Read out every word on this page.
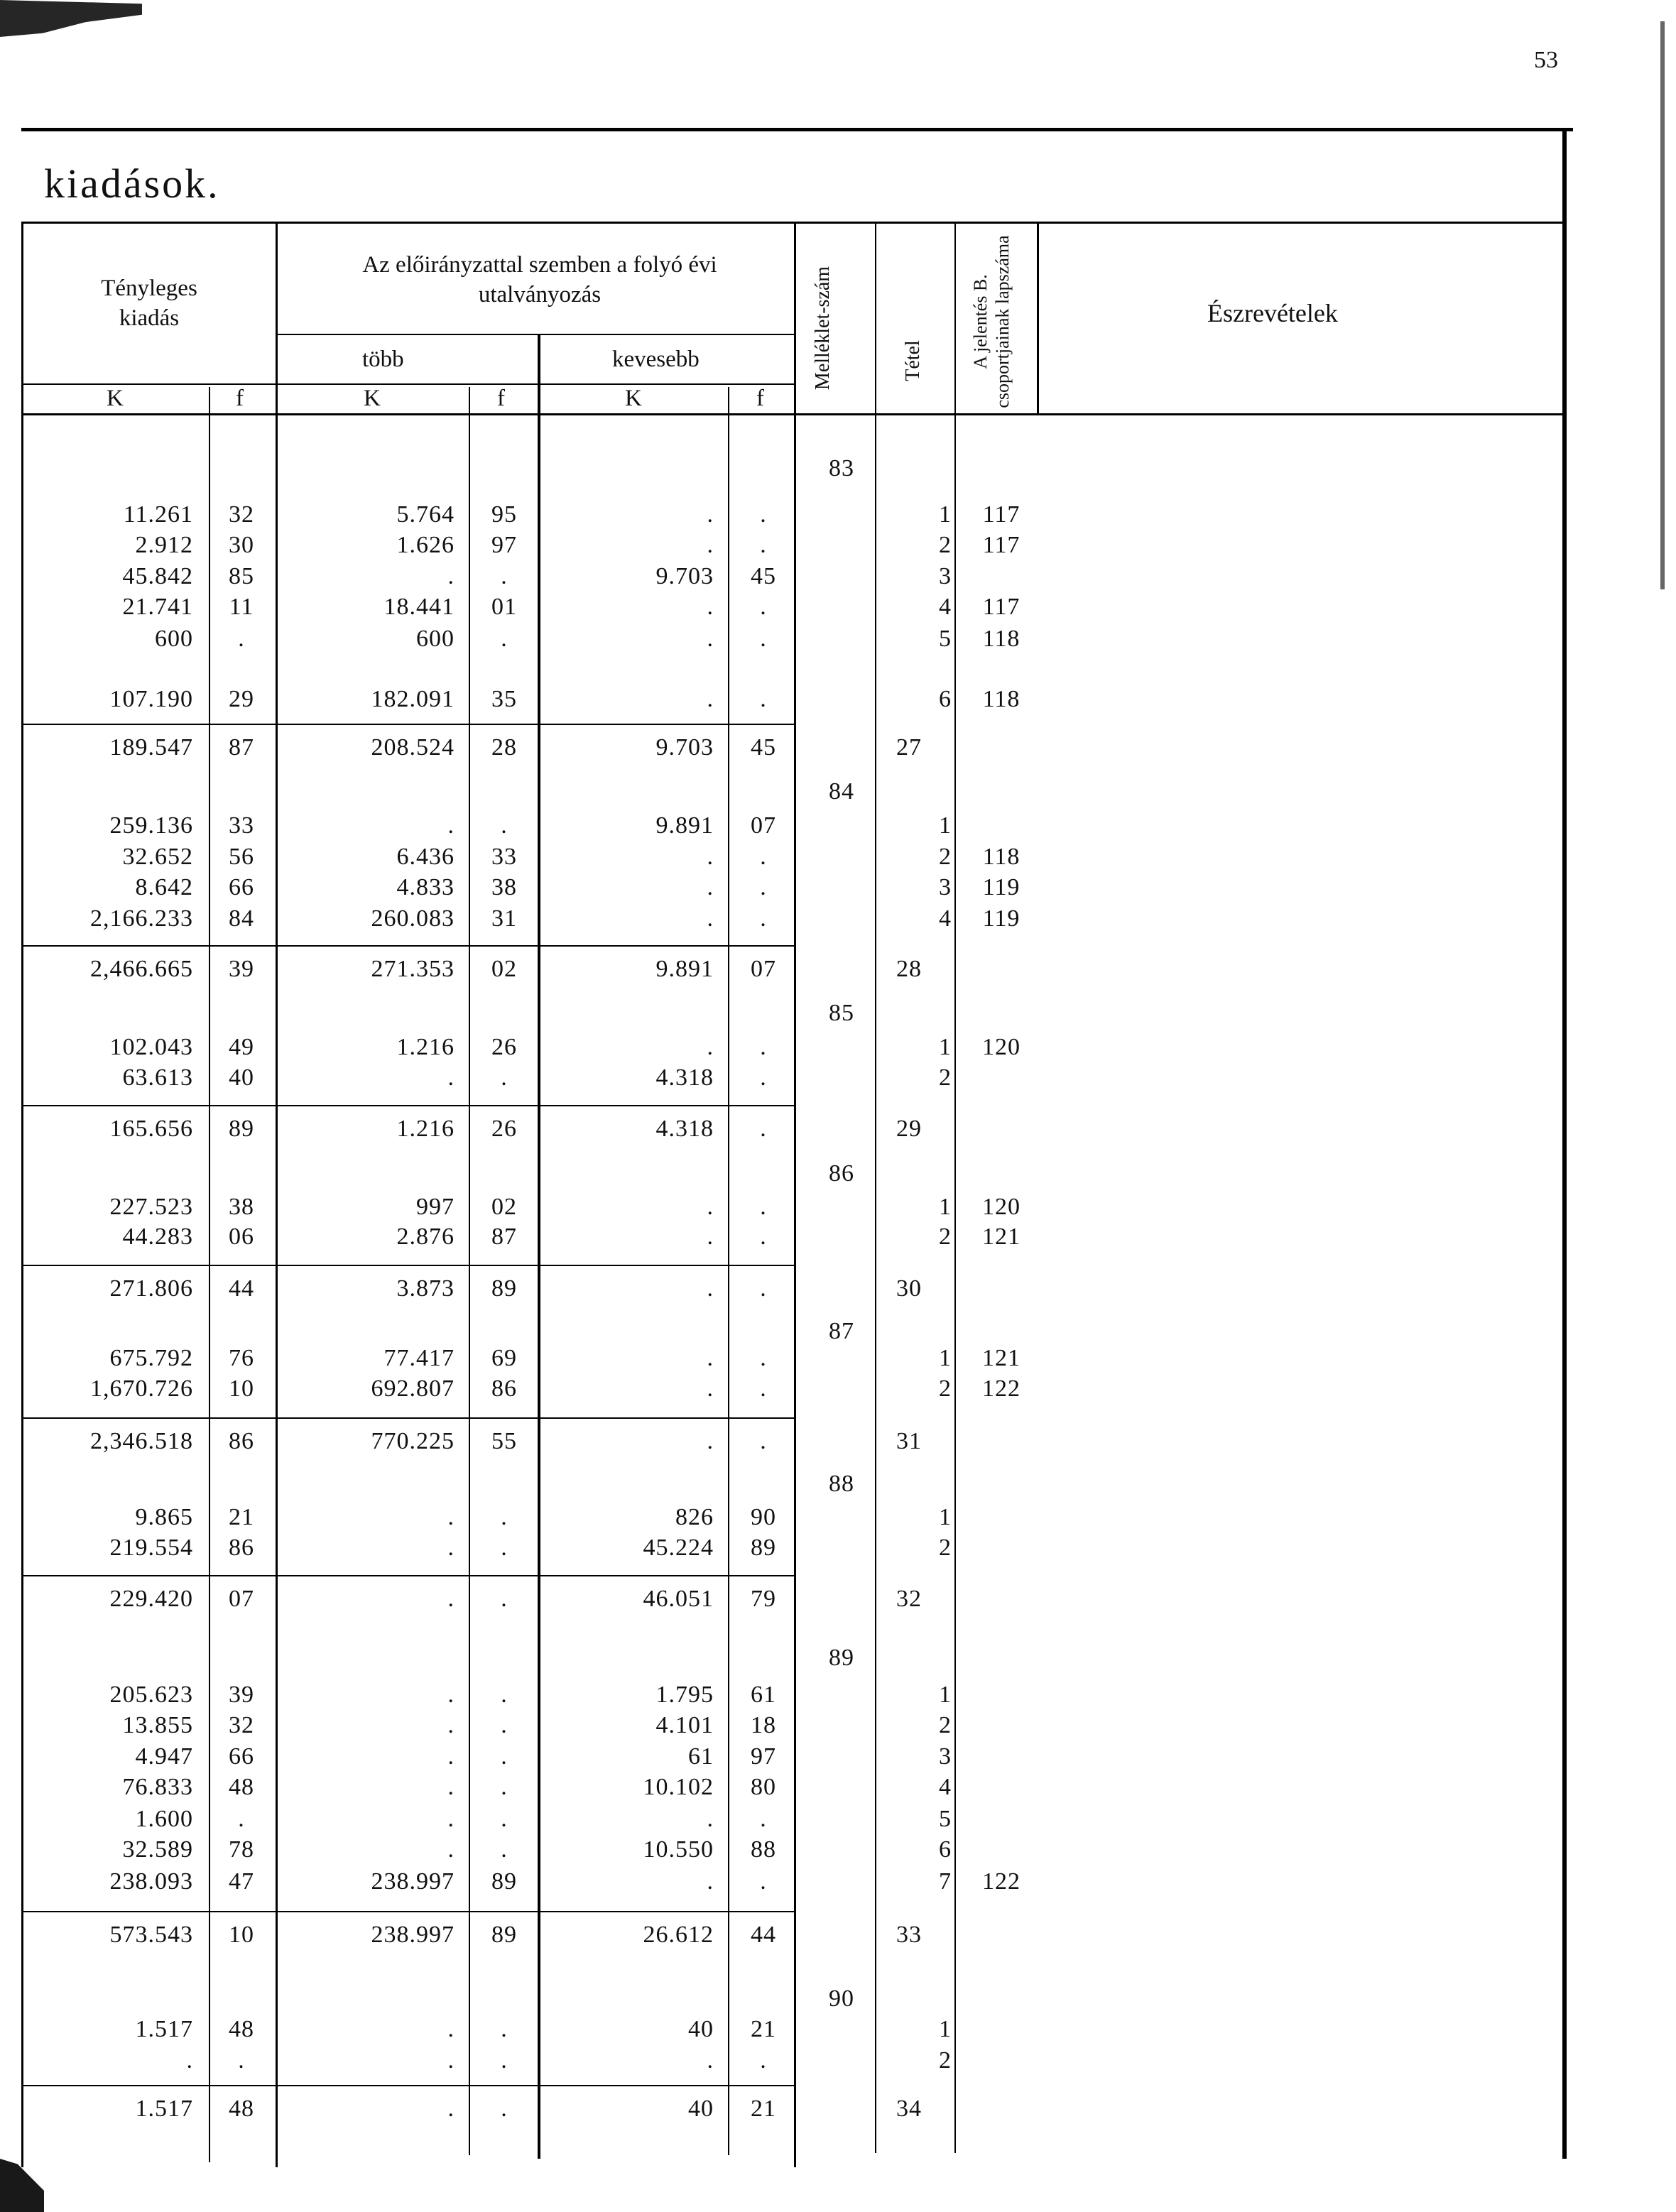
53
kiadások.
Tényleges kiadás
Az előirányzattal szemben a folyó évi utalványozás
több	kevesebb
K	f	K	f	K	f
Melléklet-szám	Tétel	A jelentés B. csoportjainak lapszáma	Észrevételek
83
11.261 32	5.764	95	.	.	1	117
2.912 30	1.626	97	.	.	2	117
45.842 85	.	.	9.703	45	3
21.741 11	18.441	01	.	.	4	117
600	.	600	.	.	.	5	118
107.190 29	182.091	35	.	.	6	118
189.547 87	208.524	28	9.703	45	27
84
259.136 33	.	.	9.891	07	1
32.652 56	6.436	33	.	.	2	118
8.642 66	4.833	38	.	.	3	119
2,166.233 84	260.083	31	.	.	4	119
2,466.665 39	271.353	02	9.891	07	28
85
102.043 49	1.216	26	.	.	1	120
63.613 40	.	.	4.318	.	2
165.656 89	1.216	26	4.318	.	29
86
227.523 38	997	02	.	.	1	120
44.283 06	2.876	87	.	.	2	121
271.806 44	3.873	89	.	.	30
87
675.792 76	77.417	69	.	.	1	121
1,670.726 10	692.807	86	.	.	2	122
2,346.518 86	770.225	55	.	.	31
88
9.865 21	.	.	826	90	1
219.554 86	.	.	45.224	89	2
229.420 07	.	.	46.051	79	32
89
205.623 39	.	.	1.795	61	1
13.855 32	.	.	4.101	18	2
4.947 66	.	.	61	97	3
76.833 48	.	.	10.102	80	4
1.600	.	.	.	.	.	5
32.589 78	.	.	10.550	88	6
238.093 47	238.997	89	.	.	7	122
573.543 10	238.997	89	26.612	44	33
90
1.517 48	.	.	40	21	1
.	.	.	.	.	.	2
1.517 48	.	.	40	21	34
